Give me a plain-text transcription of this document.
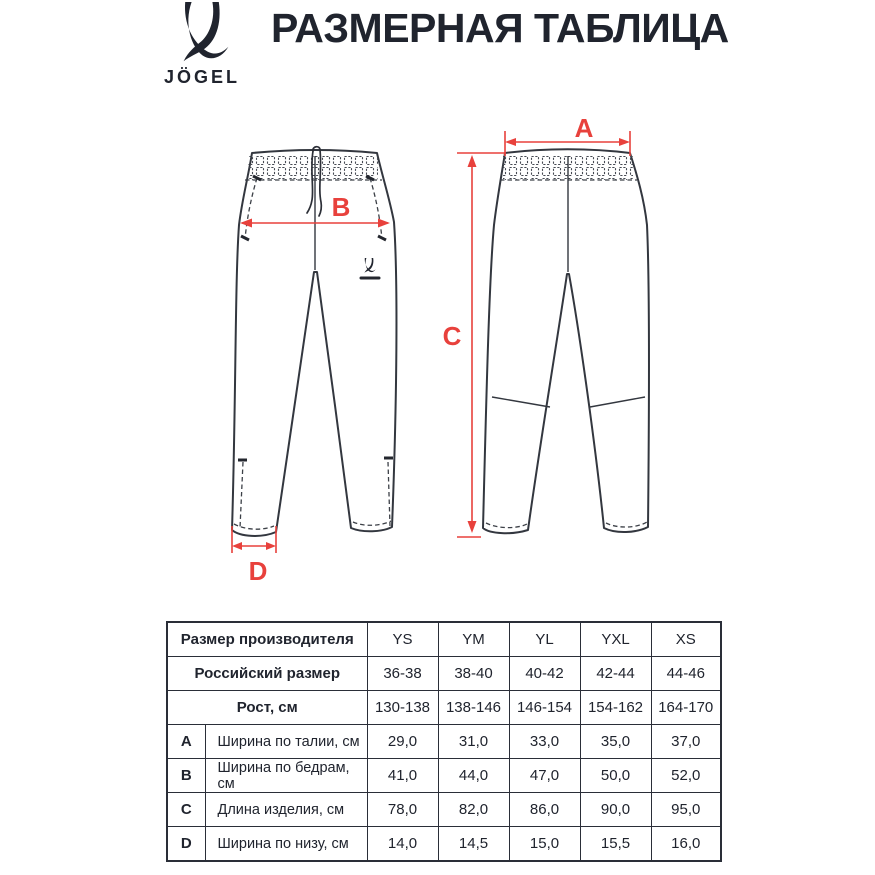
JÖGEL
РАЗМЕРНАЯ ТАБЛИЦА
B
D
A
C
Размер производителя		YS	YM	YL	YXL	XS
Российский размер		36-38	38-40	40-42	42-44	44-46
Рост, см		130-138	138-146	146-154	154-162	164-170
A	Ширина по талии, см	29,0	31,0	33,0	35,0	37,0
B	Ширина по бедрам, см	41,0	44,0	47,0	50,0	52,0
C	Длина изделия, см	78,0	82,0	86,0	90,0	95,0
D	Ширина по низу, см	14,0	14,5	15,0	15,5	16,0
